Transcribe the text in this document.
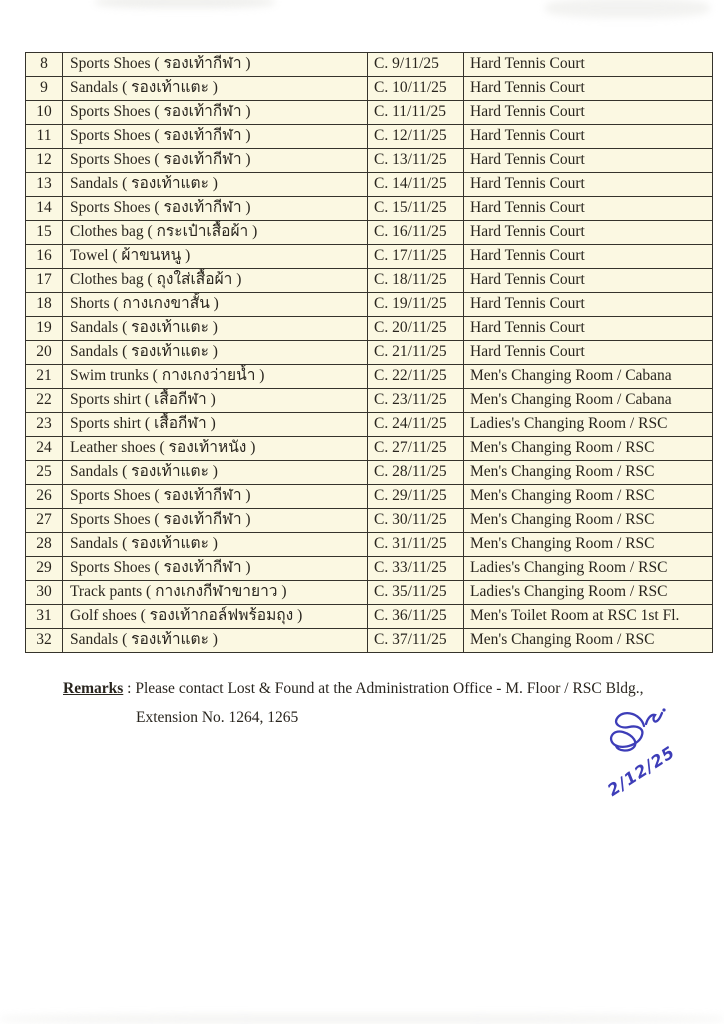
8	Sports Shoes ( รองเท้ากีฬา )	C. 9/11/25	Hard Tennis Court
9	Sandals ( รองเท้าแตะ )	C. 10/11/25	Hard Tennis Court
10	Sports Shoes ( รองเท้ากีฬา )	C. 11/11/25	Hard Tennis Court
11	Sports Shoes ( รองเท้ากีฬา )	C. 12/11/25	Hard Tennis Court
12	Sports Shoes ( รองเท้ากีฬา )	C. 13/11/25	Hard Tennis Court
13	Sandals ( รองเท้าแตะ )	C. 14/11/25	Hard Tennis Court
14	Sports Shoes ( รองเท้ากีฬา )	C. 15/11/25	Hard Tennis Court
15	Clothes bag ( กระเป๋าเสื้อผ้า )	C. 16/11/25	Hard Tennis Court
16	Towel ( ผ้าขนหนู )	C. 17/11/25	Hard Tennis Court
17	Clothes bag ( ถุงใส่เสื้อผ้า )	C. 18/11/25	Hard Tennis Court
18	Shorts ( กางเกงขาสั้น )	C. 19/11/25	Hard Tennis Court
19	Sandals ( รองเท้าแตะ )	C. 20/11/25	Hard Tennis Court
20	Sandals ( รองเท้าแตะ )	C. 21/11/25	Hard Tennis Court
21	Swim trunks ( กางเกงว่ายน้ำ )	C. 22/11/25	Men's Changing Room / Cabana
22	Sports shirt ( เสื้อกีฬา )	C. 23/11/25	Men's Changing Room / Cabana
23	Sports shirt ( เสื้อกีฬา )	C. 24/11/25	Ladies's Changing Room / RSC
24	Leather shoes ( รองเท้าหนัง )	C. 27/11/25	Men's Changing Room / RSC
25	Sandals ( รองเท้าแตะ )	C. 28/11/25	Men's Changing Room / RSC
26	Sports Shoes ( รองเท้ากีฬา )	C. 29/11/25	Men's Changing Room / RSC
27	Sports Shoes ( รองเท้ากีฬา )	C. 30/11/25	Men's Changing Room / RSC
28	Sandals ( รองเท้าแตะ )	C. 31/11/25	Men's Changing Room / RSC
29	Sports Shoes ( รองเท้ากีฬา )	C. 33/11/25	Ladies's Changing Room / RSC
30	Track pants ( กางเกงกีฬาขายาว )	C. 35/11/25	Ladies's Changing Room / RSC
31	Golf shoes ( รองเท้ากอล์ฟพร้อมถุง )	C. 36/11/25	Men's Toilet Room at RSC 1st Fl.
32	Sandals ( รองเท้าแตะ )	C. 37/11/25	Men's Changing Room / RSC
Remarks : Please contact Lost & Found at the Administration Office - M. Floor / RSC Bldg.,
Extension No. 1264, 1265
2/12/25
